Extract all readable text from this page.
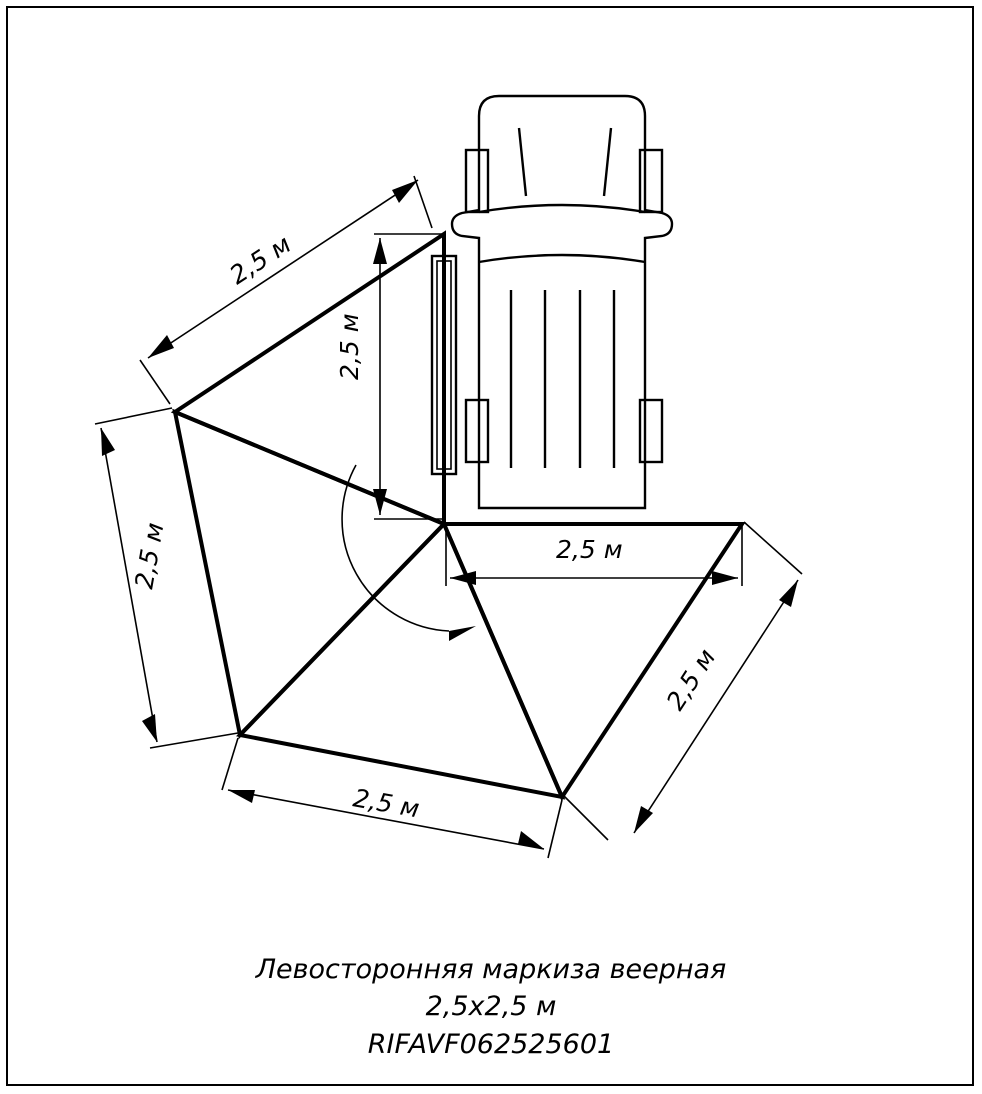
2,5 м
2,5 м
2,5 м	2,5 м
2,5 м
2,5 м
Левосторонняя маркиза веерная
2,5х2,5 м
RIFAVF062525601
